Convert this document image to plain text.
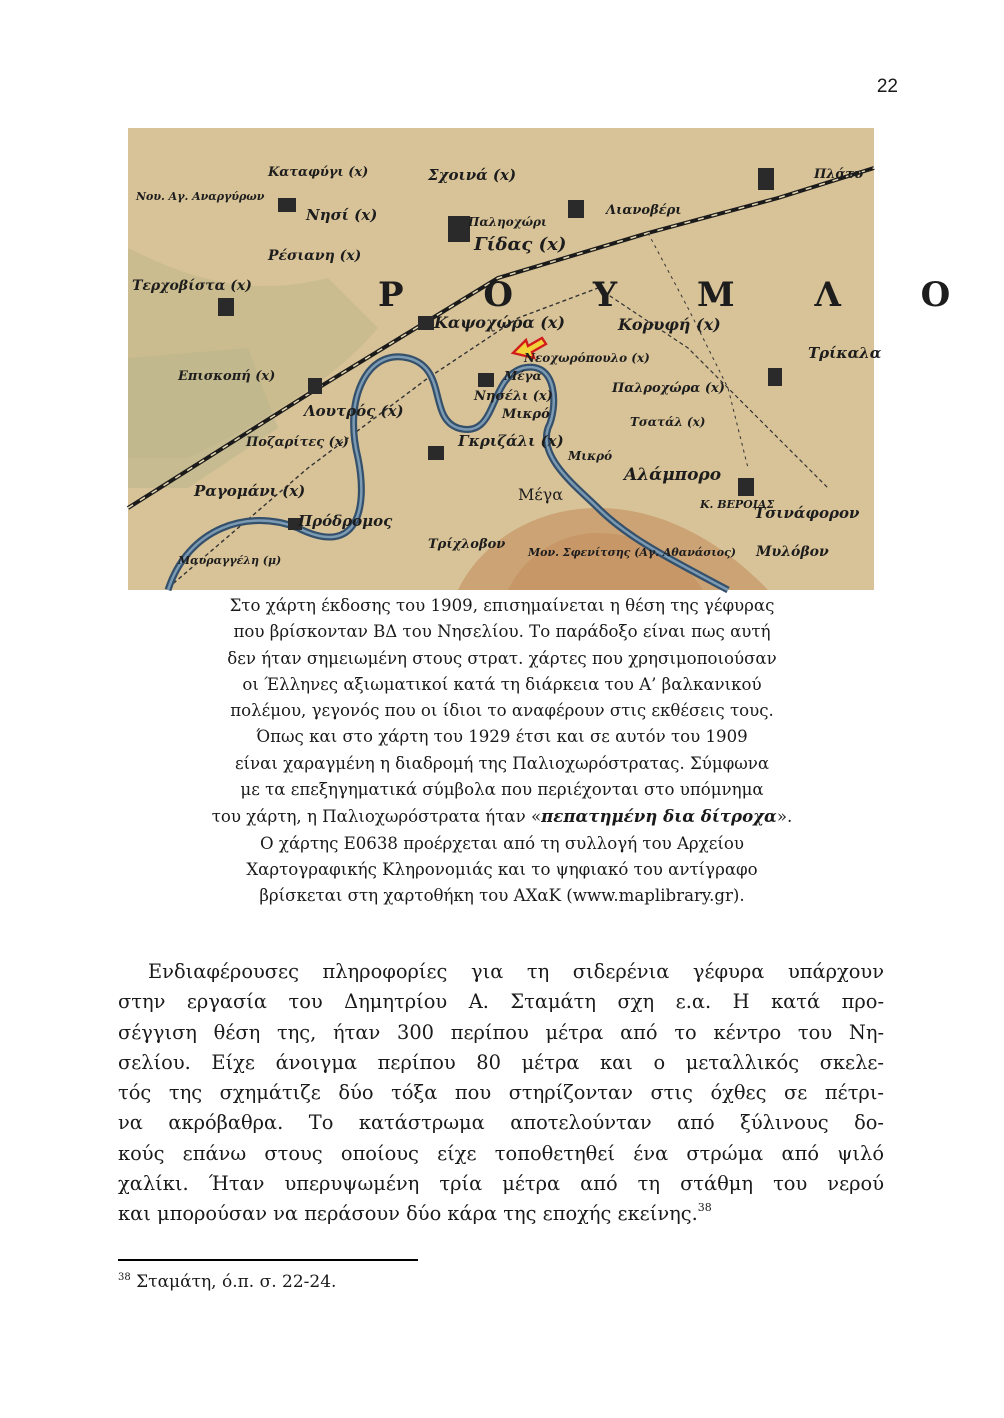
22
Καταφύγι (x)	Σχοινά (x)	Πλάτυ
Νου. Αγ. Αναργύρων
Νησί (x)	Παληοχώρι
Λιανοβέρι
Γίδας (x)
Ρέσιανη (x)
Τερχοβίστα (x)	Ρ Ο Υ Μ Λ Ο
Καψοχώρα (x)	Κορυφή (x)
Τρίκαλα
Επισκοπή (x)
Νεοχωρόπουλο (x)
Μέγα
Νησέλι (x)
Παλροχώρα (x)
Λουτρός (x)	Μικρό	Τσατάλ (x)
Ποζαρίτες (x)	Γκριζάλι (x)
Μικρό
Αλάμπορο
Ραγομάνι (x)	Μέγα
Κ. ΒΕΡΟΙΑΣ
Τσινάφορον
Πρόδρομος
Τρίχλοβον
Μον. Σφενίτσης (Αγ. Αθανάσιος) Μυλόβον
Μαυραγγέλη (μ)
Στο χάρτη έκδοσης του 1909, επισημαίνεται η θέση της γέφυρας
που βρίσκονταν ΒΔ του Νησελίου. Το παράδοξο είναι πως αυτή
δεν ήταν σημειωμένη στους στρατ. χάρτες που χρησιμοποιούσαν
οι Έλληνες αξιωματικοί κατά τη διάρκεια του Α’ βαλκανικού
πολέμου, γεγονός που οι ίδιοι το αναφέρουν στις εκθέσεις τους.
Όπως και στο χάρτη του 1929 έτσι και σε αυτόν του 1909
είναι χαραγμένη η διαδρομή της Παλιοχωρόστρατας. Σύμφωνα
με τα επεξηγηματικά σύμβολα που περιέχονται στο υπόμνημα
του χάρτη, η Παλιοχωρόστρατα ήταν «πεπατημένη δια δίτροχα».
Ο χάρτης Ε0638 προέρχεται από τη συλλογή του Αρχείου
Χαρτογραφικής Κληρονομιάς και το ψηφιακό του αντίγραφο
βρίσκεται στη χαρτοθήκη του ΑΧαΚ (www.maplibrary.gr).
Ενδιαφέρουσες πληροφορίες για τη σιδερένια γέφυρα υπάρχουν
στην εργασία του Δημητρίου Α. Σταμάτη σχη ε.α. Η κατά προ-
σέγγιση θέση της, ήταν 300 περίπου μέτρα από το κέντρο του Νη-
σελίου. Είχε άνοιγμα περίπου 80 μέτρα και ο μεταλλικός σκελε-
τός της σχημάτιζε δύο τόξα που στηρίζονταν στις όχθες σε πέτρι-
να ακρόβαθρα. Το κατάστρωμα αποτελούνταν από ξύλινους δο-
κούς επάνω στους οποίους είχε τοποθετηθεί ένα στρώμα από ψιλό
χαλίκι. Ήταν υπερυψωμένη τρία μέτρα από τη στάθμη του νερού
και μπορούσαν να περάσουν δύο κάρα της εποχής εκείνης.$^{38}$
$^{38}$ Σταμάτη, ό.π. σ. 22-24.
